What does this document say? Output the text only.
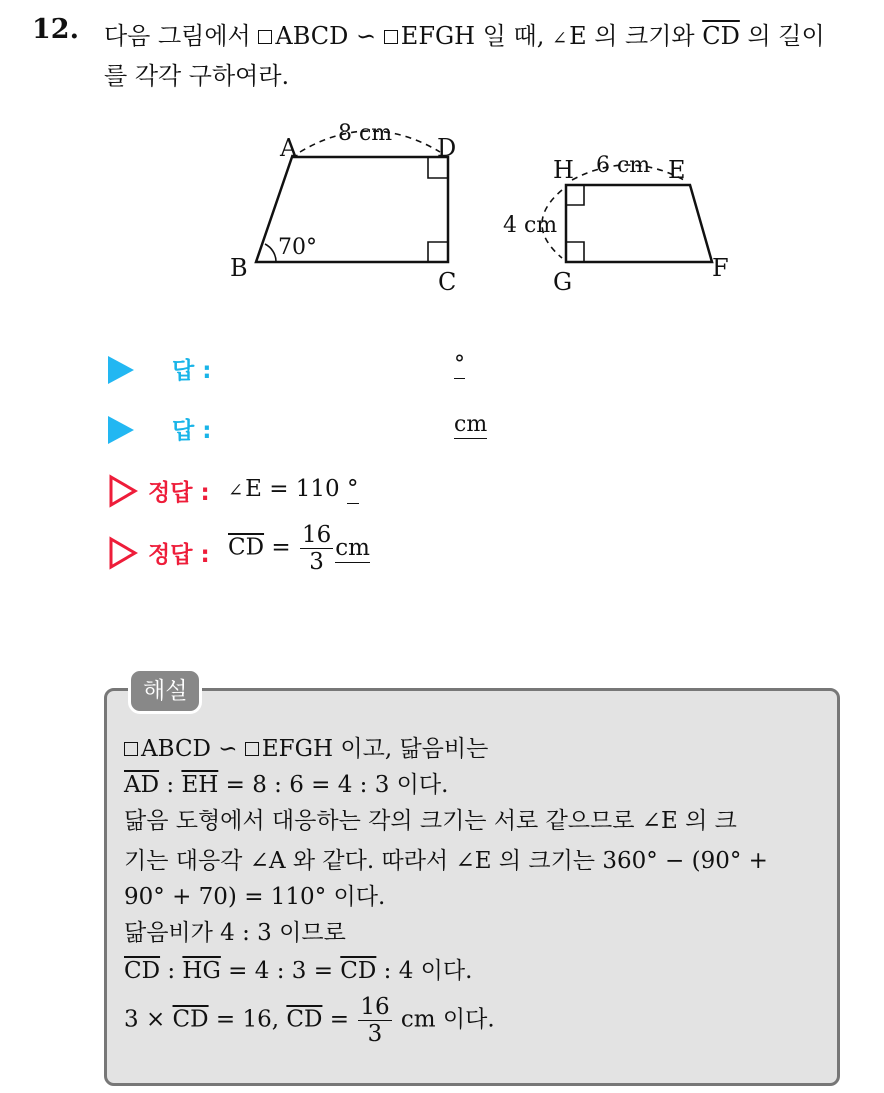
12. 다음 그림에서 ABCD ∽ EFGH 일 때, ∠E 의 크기와 $\overline{CD}$ 의 길이
를 각각 구하여라.
A	D
B	C
8 cm
70°
H	E
G	F
6 cm
4 cm
답 :	°
답 :	cm
정답 : ∠E = 110 °
정답 : $\overline{CD} = \frac{16}{3}$ cm
해설
ABCD ∽ EFGH 이고, 닮음비는
$\overline{AD}$ : $\overline{EH} = 8$ : 6 = 4 : 3 이다.
닮음 도형에서 대응하는 각의 크기는 서로 같으므로 ∠E 의 크
기는 대응각 ∠A 와 같다. 따라서 ∠E 의 크기는 360° − (90° +
90° + 70) = 110° 이다.
닮음비가 4 : 3 이므로
$\overline{CD}$ : $\overline{HG} = 4$ : $3 = \overline{CD}$ : 4 이다.
$3 \times \overline{CD} = 16$, $\overline{CD} = \frac{16}{3}$ cm 이다.
